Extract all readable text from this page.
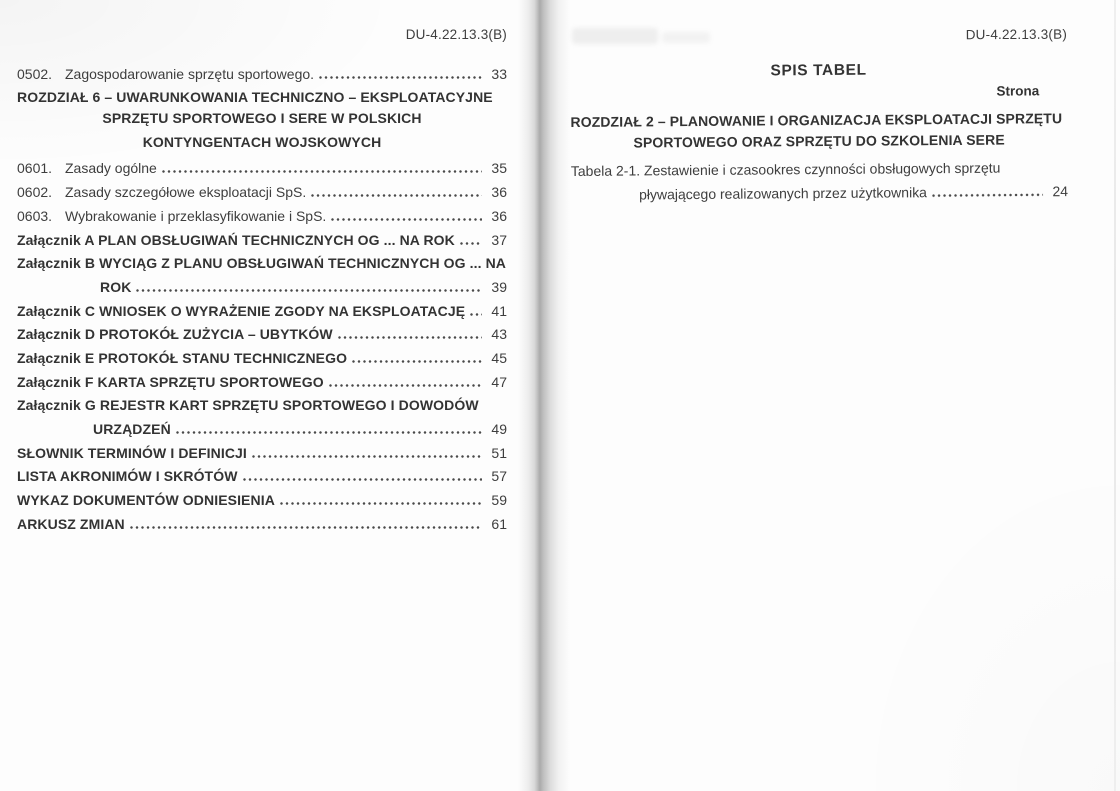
DU-4.22.13.3(B)
0502. Zagospodarowanie sprzętu sportowego.	33
ROZDZIAŁ 6 – UWARUNKOWANIA TECHNICZNO – EKSPLOATACYJNE
SPRZĘTU SPORTOWEGO I SERE W POLSKICH
KONTYNGENTACH WOJSKOWYCH
0601. Zasady ogólne	35
0602. Zasady szczegółowe eksploatacji SpS.	36
0603. Wybrakowanie i przeklasyfikowanie i SpS.	36
Załącznik A PLAN OBSŁUGIWAŃ TECHNICZNYCH OG ... NA ROK	37
Załącznik B WYCIĄG Z PLANU OBSŁUGIWAŃ TECHNICZNYCH OG ... NA
ROK	39
Załącznik C WNIOSEK O WYRAŻENIE ZGODY NA EKSPLOATACJĘ	41
Załącznik D PROTOKÓŁ ZUŻYCIA – UBYTKÓW	43
Załącznik E PROTOKÓŁ STANU TECHNICZNEGO	45
Załącznik F KARTA SPRZĘTU SPORTOWEGO	47
Załącznik G REJESTR KART SPRZĘTU SPORTOWEGO I DOWODÓW
URZĄDZEŃ	49
SŁOWNIK TERMINÓW I DEFINICJI	51
LISTA AKRONIMÓW I SKRÓTÓW	57
WYKAZ DOKUMENTÓW ODNIESIENIA	59
ARKUSZ ZMIAN	61
DU-4.22.13.3(B)
SPIS TABEL
Strona
ROZDZIAŁ 2 – PLANOWANIE I ORGANIZACJA EKSPLOATACJI SPRZĘTU
SPORTOWEGO ORAZ SPRZĘTU DO SZKOLENIA SERE
Tabela 2-1. Zestawienie i czasookres czynności obsługowych sprzętu
pływającego realizowanych przez użytkownika	24
